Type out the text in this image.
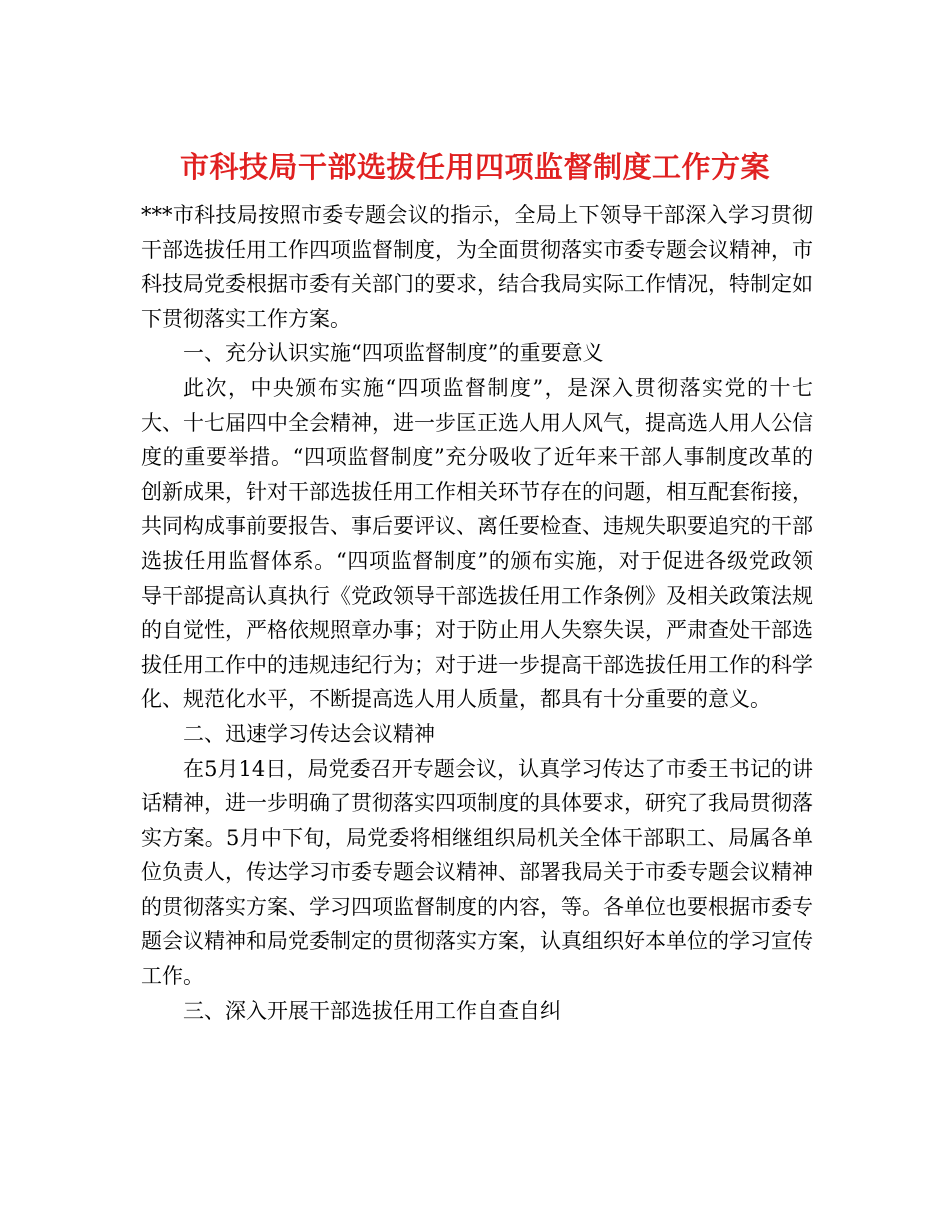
市科技局干部选拔任用四项监督制度工作方案

***市科技局按照市委专题会议的指示，全局上下领导干部深入学习贯彻干部选拔任用工作四项监督制度，为全面贯彻落实市委专题会议精神，市科技局党委根据市委有关部门的要求，结合我局实际工作情况，特制定如下贯彻落实工作方案。

一、充分认识实施“四项监督制度”的重要意义

此次，中央颁布实施“四项监督制度”，是深入贯彻落实党的十七大、十七届四中全会精神，进一步匡正选人用人风气，提高选人用人公信度的重要举措。“四项监督制度”充分吸收了近年来干部人事制度改革的创新成果，针对干部选拔任用工作相关环节存在的问题，相互配套衔接，共同构成事前要报告、事后要评议、离任要检查、违规失职要追究的干部选拔任用监督体系。“四项监督制度”的颁布实施，对于促进各级党政领导干部提高认真执行《党政领导干部选拔任用工作条例》及相关政策法规的自觉性，严格依规照章办事；对于防止用人失察失误，严肃查处干部选拔任用工作中的违规违纪行为；对于进一步提高干部选拔任用工作的科学化、规范化水平，不断提高选人用人质量，都具有十分重要的意义。

二、迅速学习传达会议精神

在5月14日，局党委召开专题会议，认真学习传达了市委王书记的讲话精神，进一步明确了贯彻落实四项制度的具体要求，研究了我局贯彻落实方案。5月中下旬，局党委将相继组织局机关全体干部职工、局属各单位负责人，传达学习市委专题会议精神、部署我局关于市委专题会议精神的贯彻落实方案、学习四项监督制度的内容，等。各单位也要根据市委专题会议精神和局党委制定的贯彻落实方案，认真组织好本单位的学习宣传工作。

三、深入开展干部选拔任用工作自查自纠
